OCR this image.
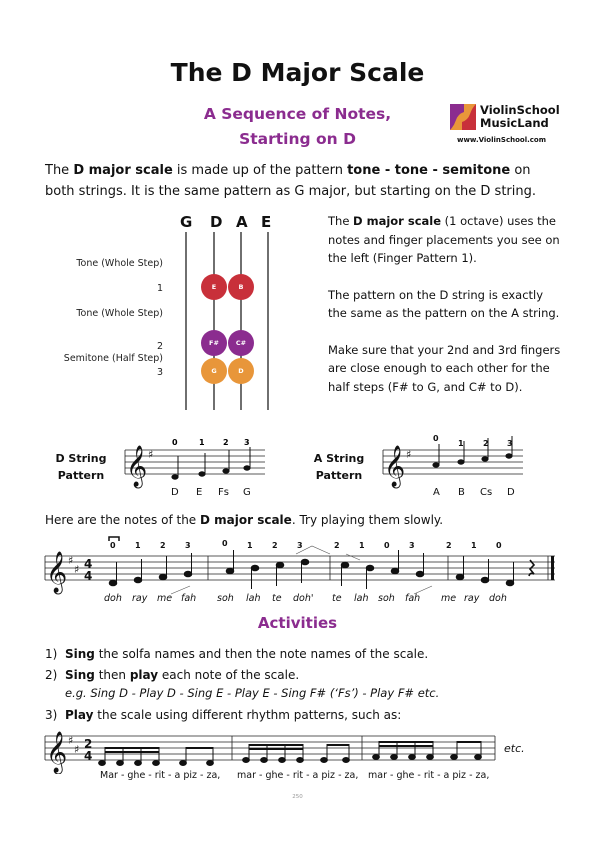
The D Major Scale
A Sequence of Notes,
Starting on D
ViolinSchool
MusicLand
www.ViolinSchool.com
The D major scale is made up of the pattern tone - tone - semitone on both strings. It is the same pattern as G major, but starting on the D string.
G D A E
Tone (Whole Step)
1
Tone (Whole Step)
2
Semitone (Half Step)
3
E	B
F#	C#
G	D

The D major scale (1 octave) uses the notes and finger placements you see on the left (Finger Pattern 1).

The pattern on the D string is exactly the same as the pattern on the A string.

Make sure that your 2nd and 3rd fingers are close enough to each other for the half steps (F# to G, and C# to D).

D String
Pattern 𝄞 ♯
0	1 2 3
D E Fs G
A String
Pattern 𝄞 ♯
0
1 2 3
A B Cs D
Here are the notes of the D major scale. Try playing them slowly.
𝄞 ♯
♯ 4
4
0 1 2 3	0 1 2 3	2 1 0 3	2 1 0
doh ray me fah soh lah te doh' te lah soh fah me ray doh
Activities
1) Sing the solfa names and then the note names of the scale.
2) Sing then play each note of the scale.
e.g. Sing D - Play D - Sing E - Play E - Sing F# (‘Fs’) - Play F# etc.
3) Play the scale using different rhythm patterns, such as:
𝄞 ♯
♯ 2
4
Mar - ghe - rit - a piz - za, mar - ghe - rit - a piz - za, mar - ghe - rit - a piz - za,
etc.
250
